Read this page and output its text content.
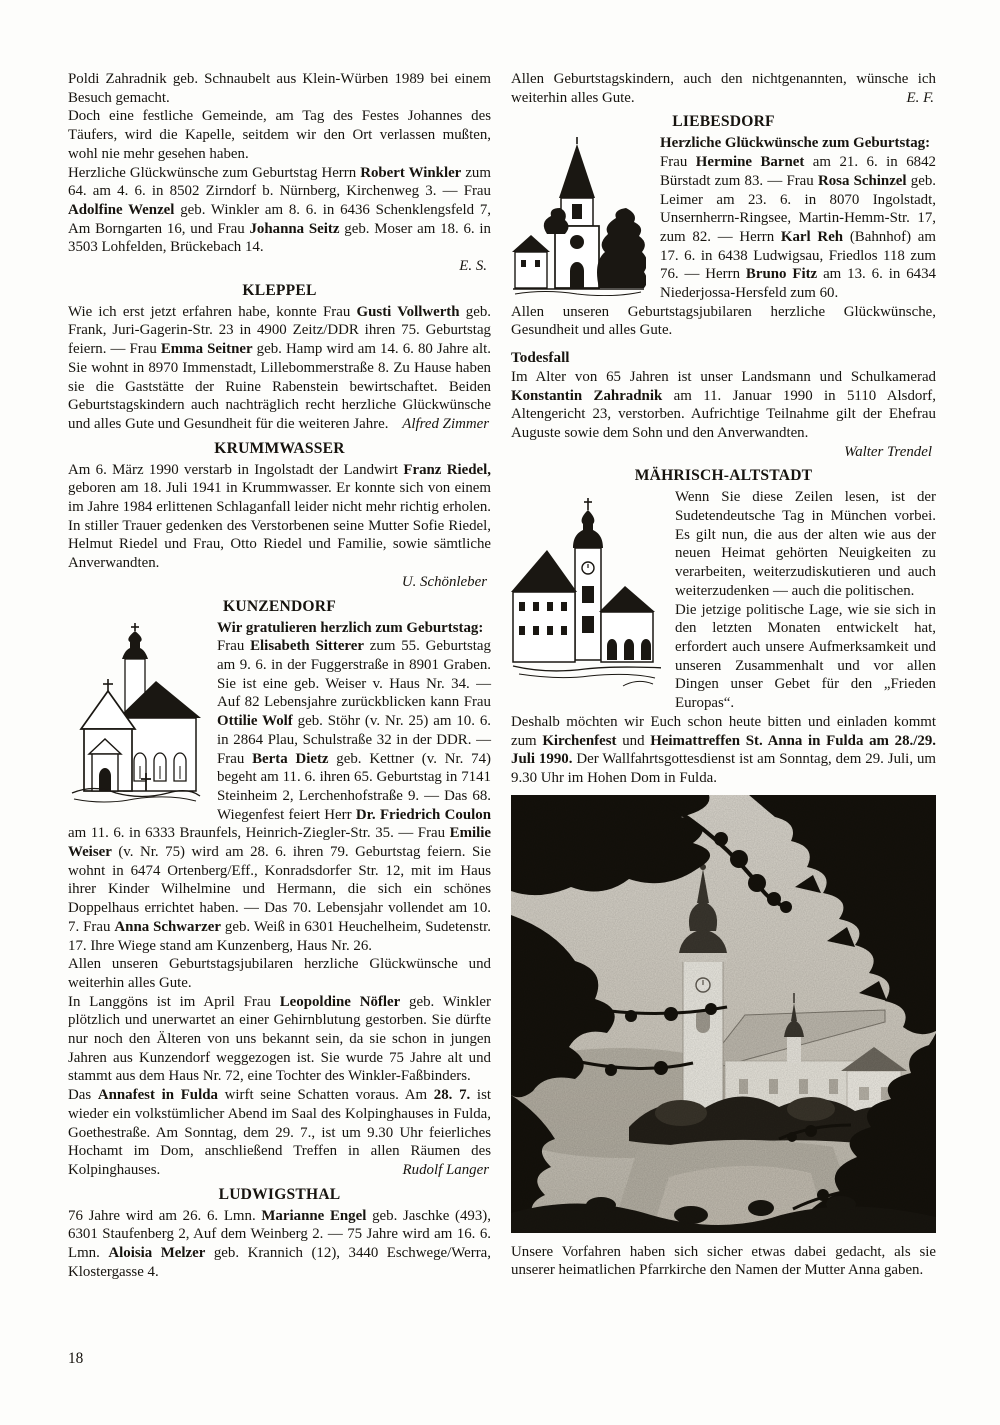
Poldi Zahradnik geb. Schnaubelt aus Klein-Würben 1989 bei einem Besuch gemacht.

Doch eine festliche Gemeinde, am Tag des Festes Johannes des Täufers, wird die Kapelle, seitdem wir den Ort verlassen mußten, wohl nie mehr gesehen haben.

Herzliche Glückwünsche zum Geburtstag Herrn Robert Winkler zum 64. am 4. 6. in 8502 Zirndorf b. Nürnberg, Kirchenweg 3. — Frau Adolfine Wenzel geb. Winkler am 8. 6. in 6436 Schenklengsfeld 7, Am Borngarten 16, und Frau Johanna Seitz geb. Moser am 18. 6. in 3503 Lohfelden, Brückebach 14.

E. S.
KLEPPEL

Wie ich erst jetzt erfahren habe, konnte Frau Gusti Vollwerth geb. Frank, Juri-Gagerin-Str. 23 in 4900 Zeitz/DDR ihren 75. Geburtstag feiern. — Frau Emma Seitner geb. Hamp wird am 14. 6. 80 Jahre alt. Sie wohnt in 8970 Immenstadt, Lillebommerstraße 8. Zu Hause haben sie die Gaststätte der Ruine Rabenstein bewirtschaftet. Beiden Geburtstagskindern auch nachträglich recht herzliche Glückwünsche und alles Gute und Gesundheit für die weiteren Jahre. Alfred Zimmer

KRUMMWASSER

Am 6. März 1990 verstarb in Ingolstadt der Landwirt Franz Riedel, geboren am 18. Juli 1941 in Krummwasser. Er konnte sich von einem im Jahre 1984 erlittenen Schlaganfall leider nicht mehr richtig erholen. In stiller Trauer gedenken des Verstorbenen seine Mutter Sofie Riedel, Helmut Riedel und Frau, Otto Riedel und Familie, sowie sämtliche Anverwandten.

U. Schönleber
KUNZENDORF

Wir gratulieren herzlich zum Geburtstag:

Frau Elisabeth Sitterer zum 55. Geburtstag am 9. 6. in der Fuggerstraße in 8901 Graben. Sie ist eine geb. Weiser v. Haus Nr. 34. — Auf 82 Lebensjahre zurückblicken kann Frau Ottilie Wolf geb. Stöhr (v. Nr. 25) am 10. 6. in 2864 Plau, Schulstraße 32 in der DDR. — Frau Berta Dietz geb. Kettner (v. Nr. 74) begeht am 11. 6. ihren 65. Geburtstag in 7141 Steinheim 2, Lerchenhofstraße 9. — Das 68. Wiegenfest feiert Herr Dr. Friedrich Coulon am 11. 6. in 6333 Braunfels, Heinrich-Ziegler-Str. 35. — Frau Emilie Weiser (v. Nr. 75) wird am 28. 6. ihren 79. Geburtstag feiern. Sie wohnt in 6474 Ortenberg/Eff., Konradsdorfer Str. 12, mit im Haus ihrer Kinder Wilhelmine und Hermann, die sich ein schönes Doppelhaus errichtet haben. — Das 70. Lebensjahr vollendet am 10. 7. Frau Anna Schwarzer geb. Weiß in 6301 Heuchelheim, Sudetenstr. 17. Ihre Wiege stand am Kunzenberg, Haus Nr. 26.

Allen unseren Geburtstagsjubilaren herzliche Glückwünsche und weiterhin alles Gute.

In Langgöns ist im April Frau Leopoldine Nöfler geb. Winkler plötzlich und unerwartet an einer Gehirnblutung gestorben. Sie dürfte nur noch den Älteren von uns bekannt sein, da sie schon in jungen Jahren aus Kunzendorf weggezogen ist. Sie wurde 75 Jahre alt und stammt aus dem Haus Nr. 72, eine Tochter des Winkler-Faßbinders.

Das Annafest in Fulda wirft seine Schatten voraus. Am 28. 7. ist wieder ein volkstümlicher Abend im Saal des Kolpinghauses in Fulda, Goethestraße. Am Sonntag, dem 29. 7., ist um 9.30 Uhr feierliches Hochamt im Dom, anschließend Treffen in allen Räumen des Kolpinghauses.	Rudolf Langer

LUDWIGSTHAL

76 Jahre wird am 26. 6. Lmn. Marianne Engel geb. Jaschke (493), 6301 Staufenberg 2, Auf dem Weinberg 2. — 75 Jahre wird am 16. 6. Lmn. Aloisia Melzer geb. Krannich (12), 3440 Eschwege/Werra, Klostergasse 4.

Allen Geburtstagskindern, auch den nichtgenannten, wünsche ich weiterhin alles Gute.	E. F.

LIEBESDORF

Herzliche Glückwünsche zum Geburtstag:

Frau Hermine Barnet am 21. 6. in 6842 Bürstadt zum 83. — Frau Rosa Schinzel geb. Leimer am 23. 6. in 8070 Ingolstadt, Unsernherrn-Ringsee, Martin-Hemm-Str. 17, zum 82. — Herrn Karl Reh (Bahnhof) am 17. 6. in 6438 Ludwigsau, Friedlos 118 zum 76. — Herrn Bruno Fitz am 13. 6. in 6434 Niederjossa-Hersfeld zum 60.

Allen unseren Geburtstagsjubilaren herzliche Glückwünsche, Gesundheit und alles Gute.

Todesfall

Im Alter von 65 Jahren ist unser Landsmann und Schulkamerad Konstantin Zahradnik am 11. Januar 1990 in 5110 Alsdorf, Altengericht 23, verstorben. Aufrichtige Teilnahme gilt der Ehefrau Auguste sowie dem Sohn und den Anverwandten.

Walter Trendel
MÄHRISCH-ALTSTADT

Wenn Sie diese Zeilen lesen, ist der Sudetendeutsche Tag in München vorbei. Es gilt nun, die aus der alten wie aus der neuen Heimat gehörten Neuigkeiten zu verarbeiten, weiterzudiskutieren und auch weiterzudenken — auch die politischen.

Die jetzige politische Lage, wie sie sich in den letzten Monaten entwickelt hat, erfordert auch unsere Aufmerksamkeit und unseren Zusammenhalt und vor allen Dingen unser Gebet für den „Frieden Europas“.

Deshalb möchten wir Euch schon heute bitten und einladen kommt zum Kirchenfest und Heimattreffen St. Anna in Fulda am 28./29. Juli 1990. Der Wallfahrtsgottesdienst ist am Sonntag, dem 29. Juli, um 9.30 Uhr im Hohen Dom in Fulda.

Unsere Vorfahren haben sich sicher etwas dabei gedacht, als sie unserer heimatlichen Pfarrkirche den Namen der Mutter Anna gaben.

18
